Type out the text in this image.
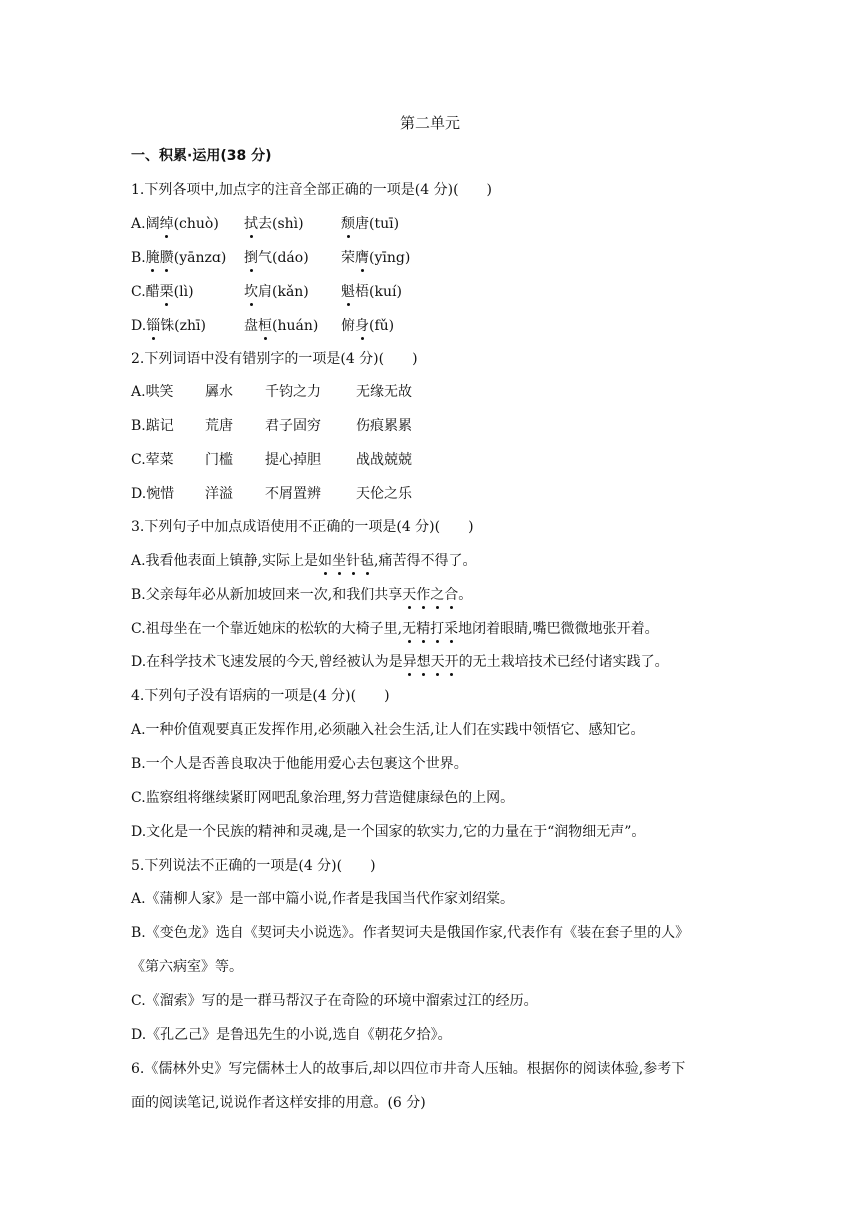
第二单元
一、积累·运用(38 分)
1.下列各项中,加点字的注音全部正确的一项是(4 分)(　　)
A.阔绰(chuò) 拭去(shì)	颓唐(tuī)
B.腌臜(yānzɑ) 捯气(dáo) 荣膺(yīng)
C.醋栗(lì)	坎肩(kǎn) 魁梧(kuí)
D.锱铢(zhī)	盘桓(huán) 俯身(fǔ)
2.下列词语中没有错别字的一项是(4 分)(　　)
A.哄笑 羼水 千钧之力	无缘无故
B.踮记 荒唐 君子固穷	伤痕累累
C.荤菜 门槛 提心掉胆	战战兢兢
D.惋惜 洋溢 不屑置辨	天伦之乐
3.下列句子中加点成语使用不正确的一项是(4 分)(　　)
A.我看他表面上镇静,实际上是如坐针毡,痛苦得不得了。
B.父亲每年必从新加坡回来一次,和我们共享天作之合。
C.祖母坐在一个靠近她床的松软的大椅子里,无精打采地闭着眼睛,嘴巴微微地张开着。
D.在科学技术飞速发展的今天,曾经被认为是异想天开的无土栽培技术已经付诸实践了。
4.下列句子没有语病的一项是(4 分)(　　)
A.一种价值观要真正发挥作用,必须融入社会生活,让人们在实践中领悟它、感知它。
B.一个人是否善良取决于他能用爱心去包裹这个世界。
C.监察组将继续紧盯网吧乱象治理,努力营造健康绿色的上网。
D.文化是一个民族的精神和灵魂,是一个国家的软实力,它的力量在于“润物细无声”。
5.下列说法不正确的一项是(4 分)(　　)
A.《蒲柳人家》是一部中篇小说,作者是我国当代作家刘绍棠。
B.《变色龙》选自《契诃夫小说选》。作者契诃夫是俄国作家,代表作有《装在套子里的人》
《第六病室》等。
C.《溜索》写的是一群马帮汉子在奇险的环境中溜索过江的经历。
D.《孔乙己》是鲁迅先生的小说,选自《朝花夕拾》。
6.《儒林外史》写完儒林士人的故事后,却以四位市井奇人压轴。根据你的阅读体验,参考下
面的阅读笔记,说说作者这样安排的用意。(6 分)
